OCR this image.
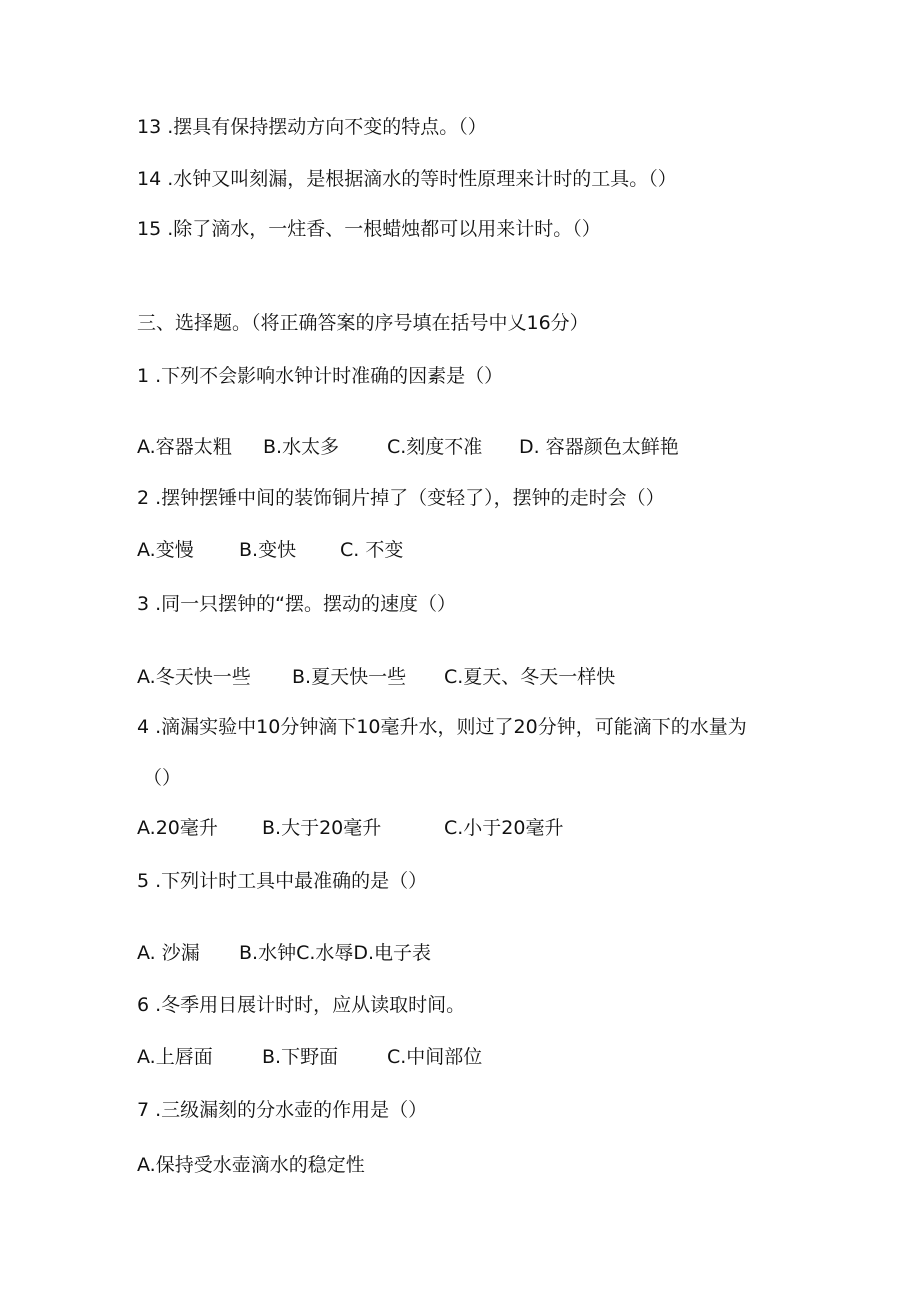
13 .摆具有保持摆动方向不变的特点。（）
14 .水钟又叫刻漏，是根据滴水的等时性原理来计时的工具。（）
15 .除了滴水，一炷香、一根蜡烛都可以用来计时。（）
三、选择题。（将正确答案的序号填在括号中乂16分）
1 .下列不会影响水钟计时准确的因素是（）
A.容器太粗 B.水太多	C.刻度不准 D. 容器颜色太鲜艳
2 .摆钟摆锤中间的装饰铜片掉了（变轻了），摆钟的走时会（）
A.变慢 B.变快 C. 不变
3 .同一只摆钟的“摆。摆动的速度（）
A.冬天快一些 B.夏天快一些 C.夏天、冬天一样快
4 .滴漏实验中10分钟滴下10毫升水，则过了20分钟，可能滴下的水量为
（）
A.20毫升 B.大于20毫升	C.小于20毫升
5 .下列计时工具中最准确的是（）
A. 沙漏 B.水钟C.水辱D.电子表
6 .冬季用日展计时时，应从读取时间。
A.上唇面	B.下野面	C.中间部位
7 .三级漏刻的分水壶的作用是（）
A.保持受水壶滴水的稳定性
